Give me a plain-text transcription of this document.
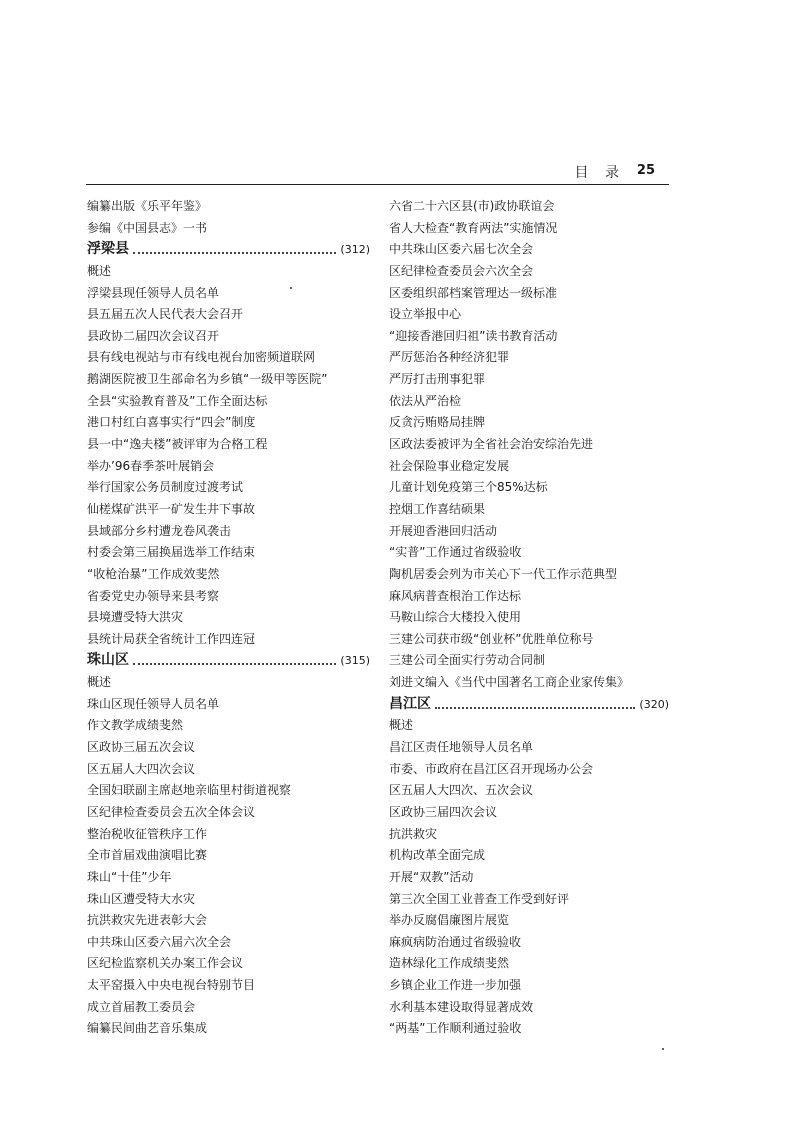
目 录 25
编纂出版《乐平年鉴》
参编《中国县志》一书
浮梁县	(312)
概述
浮梁县现任领导人员名单
县五届五次人民代表大会召开
县政协二届四次会议召开
县有线电视站与市有线电视台加密频道联网
鹅湖医院被卫生部命名为乡镇“一级甲等医院”
全县“实验教育普及”工作全面达标
港口村红白喜事实行“四会”制度
县一中“逸夫楼”被评审为合格工程
举办’96春季茶叶展销会
举行国家公务员制度过渡考试
仙槎煤矿洪平一矿发生井下事故
县域部分乡村遭龙卷风袭击
村委会第三届换届选举工作结束
“收枪治暴”工作成效斐然
省委党史办领导来县考察
县境遭受特大洪灾
县统计局获全省统计工作四连冠
珠山区	(315)
概述
珠山区现任领导人员名单
作文教学成绩斐然
区政协三届五次会议
区五届人大四次会议
全国妇联副主席赵地亲临里村街道视察
区纪律检查委员会五次全体会议
整治税收征管秩序工作
全市首届戏曲演唱比赛
珠山“十佳”少年
珠山区遭受特大水灾
抗洪救灾先进表彰大会
中共珠山区委六届六次全会
区纪检监察机关办案工作会议
太平窑摄入中央电视台特别节目
成立首届教工委员会
编纂民间曲艺音乐集成
六省二十六区县(市)政协联谊会
省人大检查“教育两法”实施情况
中共珠山区委六届七次全会
区纪律检查委员会六次全会
区委组织部档案管理达一级标准
设立举报中心
“迎接香港回归祖”读书教育活动
严厉惩治各种经济犯罪
严厉打击刑事犯罪
依法从严治检
反贪污贿赂局挂牌
区政法委被评为全省社会治安综治先进
社会保险事业稳定发展
儿童计划免疫第三个85%达标
控烟工作喜结硕果
开展迎香港回归活动
“实普”工作通过省级验收
陶机居委会列为市关心下一代工作示范典型
麻风病普查根治工作达标
马鞍山综合大楼投入使用
三建公司获市级“创业杯”优胜单位称号
三建公司全面实行劳动合同制
刘进文编入《当代中国著名工商企业家传集》
昌江区	(320)
概述
昌江区责任地领导人员名单
市委、市政府在昌江区召开现场办公会
区五届人大四次、五次会议
区政协三届四次会议
抗洪救灾
机构改革全面完成
开展“双教”活动
第三次全国工业普查工作受到好评
举办反腐倡廉图片展览
麻疯病防治通过省级验收
造林绿化工作成绩斐然
乡镇企业工作进一步加强
水利基本建设取得显著成效
“两基”工作顺利通过验收
